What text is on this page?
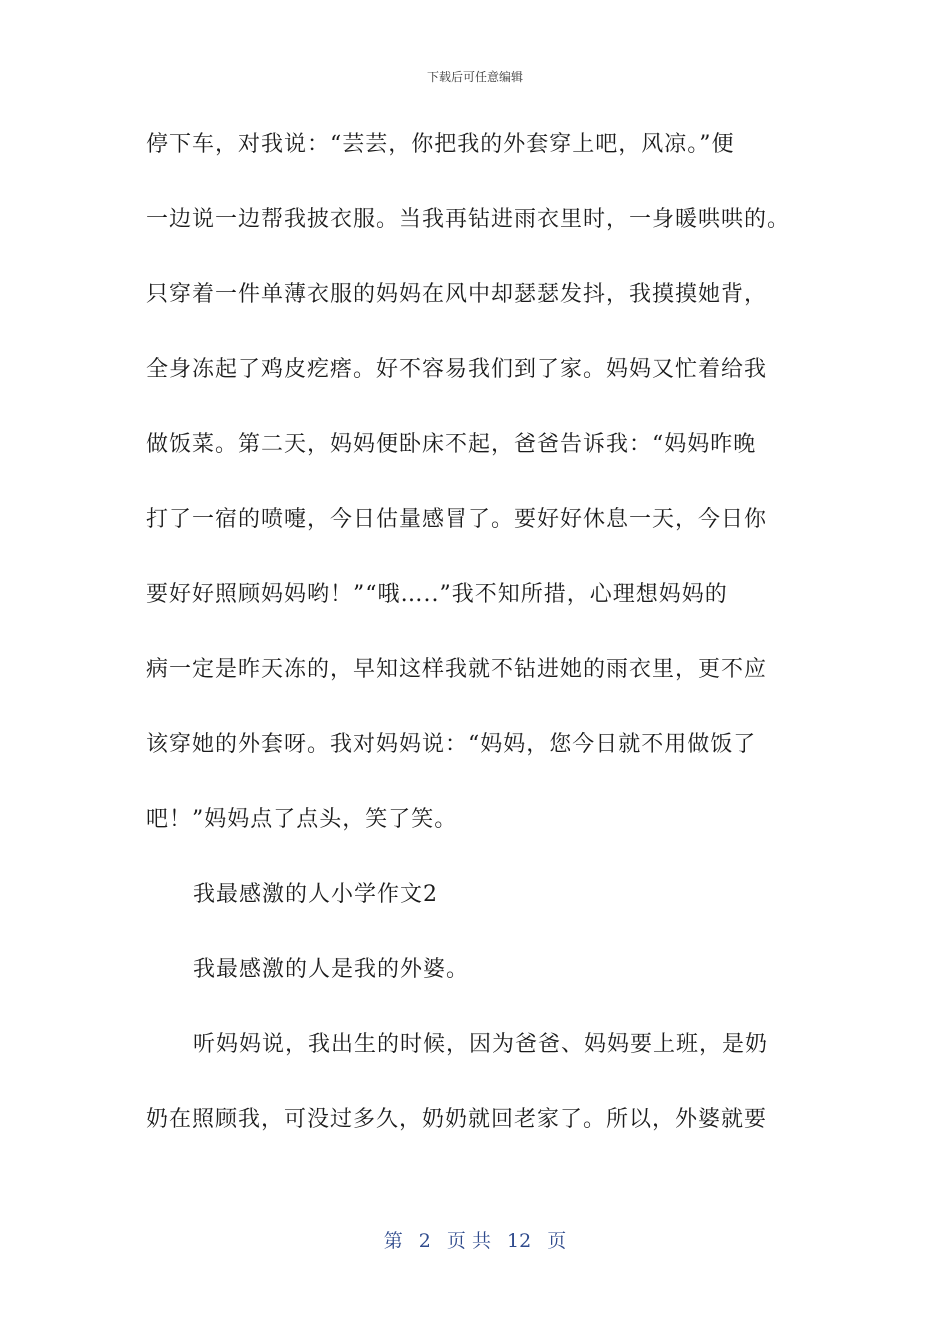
下载后可任意编辑
停下车，对我说：“芸芸，你把我的外套穿上吧，风凉。”便
一边说一边帮我披衣服。当我再钻进雨衣里时，一身暖哄哄的。
只穿着一件单薄衣服的妈妈在风中却瑟瑟发抖，我摸摸她背，
全身冻起了鸡皮疙瘩。好不容易我们到了家。妈妈又忙着给我
做饭菜。第二天，妈妈便卧床不起，爸爸告诉我：“妈妈昨晚
打了一宿的喷嚏，今日估量感冒了。要好好休息一天，今日你
要好好照顾妈妈哟！”“哦…..”我不知所措，心理想妈妈的
病一定是昨天冻的，早知这样我就不钻进她的雨衣里，更不应
该穿她的外套呀。我对妈妈说：“妈妈，您今日就不用做饭了
吧！”妈妈点了点头，笑了笑。
我最感激的人小学作文2
我最感激的人是我的外婆。
听妈妈说，我出生的时候，因为爸爸、妈妈要上班，是奶
奶在照顾我，可没过多久，奶奶就回老家了。所以，外婆就要
第 2 页 共 12 页
